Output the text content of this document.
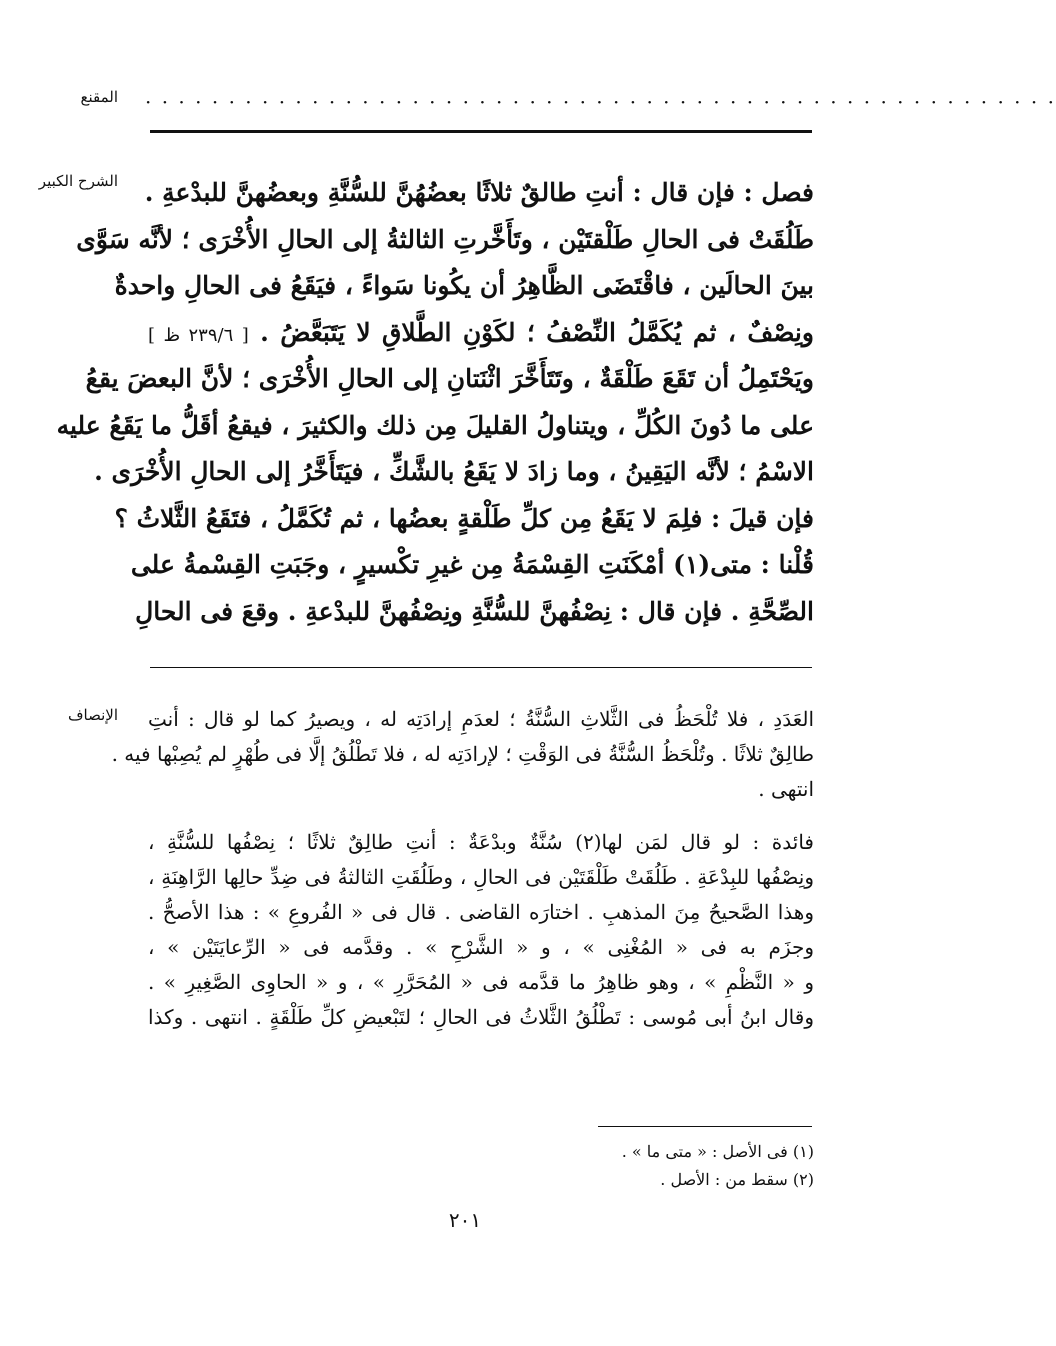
المقنع · · · · · · · · · · · · · · · · · · · · · · · · · · · · · · · · · · · · · · · · · · · · · · · · · · · · · · ·
الشرح الكبير فصل : فإن قال : أنتِ طالقٌ ثلاثًا بعضُهُنَّ للسُّنَّةِ وبعضُهنَّ للبدْعةِ .
طَلُقَتْ فى الحالِ طَلْقتَيْن ، وتَأَخَّرتِ الثالثةُ إلى الحالِ الأُخْرَى ؛ لأنَّه سَوَّى
بينَ الحالَين ، فاقْتَضَى الظَّاهِرُ أن يكُونا سَواءً ، فيَقَعُ فى الحالِ واحدةٌ
ونِصْفٌ ، ثم يُكَمَّلُ النِّصْفُ ؛ لكَوْنِ الطَّلاقِ لا يَتَبَعَّضُ . [ ٢٣٩/٦ ظ ]
ويَحْتَمِلُ أن تَقَعَ طَلْقَةٌ ، وتَتَأَخَّرَ اثْنَتانِ إلى الحالِ الأُخْرَى ؛ لأنَّ البعضَ يقعُ
على ما دُونَ الكُلِّ ، ويتناولُ القليلَ مِن ذلك والكثيرَ ، فيقعُ أقَلُّ ما يَقَعُ عليه
الاسْمُ ؛ لأنَّه اليَقِينُ ، وما زادَ لا يَقَعُ بالشَّكِّ ، فيَتَأَخَّرُ إلى الحالِ الأُخْرَى .
فإن قيلَ : فلِمَ لا يَقَعُ مِن كلِّ طَلْقةٍ بعضُها ، ثم تُكَمَّلُ ، فتَقَعُ الثَّلاثُ ؟
قُلْنا : متى(١) أمْكَنَتِ القِسْمَةُ مِن غيرِ تكْسيرٍ ، وجَبَتِ القِسْمةُ على
الصِّحَّةِ . فإن قال : نِصْفُهنَّ للسُّنَّةِ ونِصْفُهنَّ للبدْعةِ . وقعَ فى الحالِ
الإنصاف العَدَدِ ، فلا تُلْحَظُ فى الثَّلاثِ السُّنَّةُ ؛ لعدَمِ إرادَتِه له ، ويصيرُ كما لو قال : أنتِ
طالِقٌ ثلاثًا . وتُلْحَظُ السُّنَّةُ فى الوَقْتِ ؛ لإرادَتِه له ، فلا تَطْلُقُ إلَّا فى طُهْرٍ لم يُصِبْها فيه .
انتهى .
فائدة : لو قال لمَن لها(٢) سُنَّةٌ وبدْعَةٌ : أنتِ طالِقٌ ثلاثًا ؛ نِصْفُها للسُّنَّةِ ،
ونِصْفُها للبِدْعَةِ . طَلُقَتْ طَلْقَتَيْن فى الحالِ ، وطَلُقَتِ الثالثةُ فى ضِدِّ حالِها الرَّاهِنَةِ ،
وهذا الصَّحيحُ مِنَ المذهبِ . اختارَه القاضى . قال فى « الفُروعِ » : هذا الأصحُّ .
وجزَم به فى « المُغْنِى » ، و « الشَّرْحِ » . وقدَّمه فى « الرِّعايَتَيْن » ،
و « النَّظْمِ » ، وهو ظاهِرُ ما قدَّمه فى « المُحَرَّرِ » ، و « الحاوِى الصَّغِيرِ » .
وقال ابنُ أبى مُوسى : تَطْلُقُ الثَّلاثُ فى الحالِ ؛ لتَبْعيضِ كلِّ طَلْقَةٍ . انتهى . وكذا
(١) فى الأصل : « متى ما » .
(٢) سقط من : الأصل .
٢٠١
